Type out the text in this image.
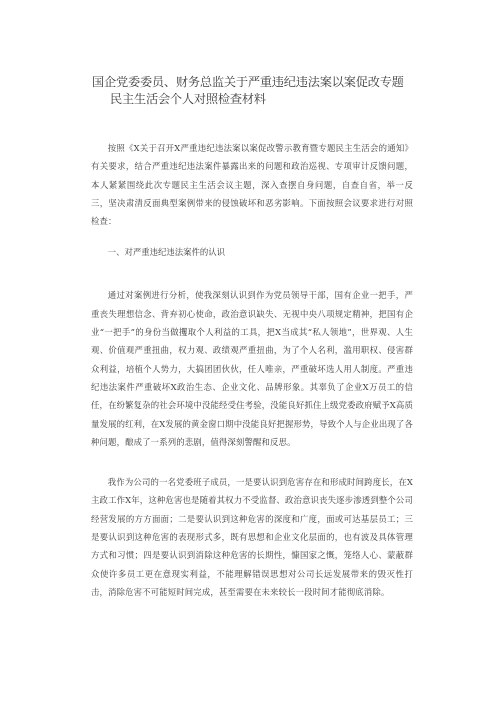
国企党委委员、财务总监关于严重违纪违法案以案促改专题
民主生活会个人对照检查材料

按照《X关于召开X严重违纪违法案以案促改警示教育暨专题民主生活会的通知》有关要求，结合严重违纪违法案件暴露出来的问题和政治巡视、专项审计反馈问题，本人紧紧围绕此次专题民主生活会议主题，深入查摆自身问题，自查自省，举一反三，坚决肃清反面典型案例带来的侵蚀破坏和恶劣影响。下面按照会议要求进行对照检查：

一、对严重违纪违法案件的认识

通过对案例进行分析，使我深刻认识到作为党员领导干部，国有企业一把手，严重丧失理想信念、背弃初心使命，政治意识缺失、无视中央八项规定精神，把国有企业“一把手”的身份当做攫取个人利益的工具，把X当成其“私人领地”，世界观、人生观、价值观严重扭曲，权力观、政绩观严重扭曲，为了个人名利，滥用职权、侵害群众利益，培植个人势力，大搞团团伙伙，任人唯亲，严重破坏选人用人制度。严重违纪违法案件严重破坏X政治生态、企业文化、品牌形象。其辜负了企业X万员工的信任，在纷繁复杂的社会环境中没能经受住考验，没能良好抓住上级党委政府赋予X高质量发展的红利，在X发展的黄金窗口期中没能良好把握形势，导致个人与企业出现了各种问题，酿成了一系列的悲剧，值得深刻警醒和反思。

我作为公司的一名党委班子成员，一是要认识到危害存在和形成时间跨度长，在X主政工作X年，这种危害也是随着其权力不受监督、政治意识丧失逐步渗透到整个公司经营发展的方方面面；二是要认识到这种危害的深度和广度，面或可达基层员工；三是要认识到这种危害的表现形式多，既有思想和企业文化层面的，也有波及具体管理方式和习惯；四是要认识到消除这种危害的长期性，慷国家之慨，笼络人心、蒙蔽群众使许多员工更在意现实利益，不能理解错误思想对公司长远发展带来的毁灭性打击，消除危害不可能短时间完成，甚至需要在未来较长一段时间才能彻底消除。
